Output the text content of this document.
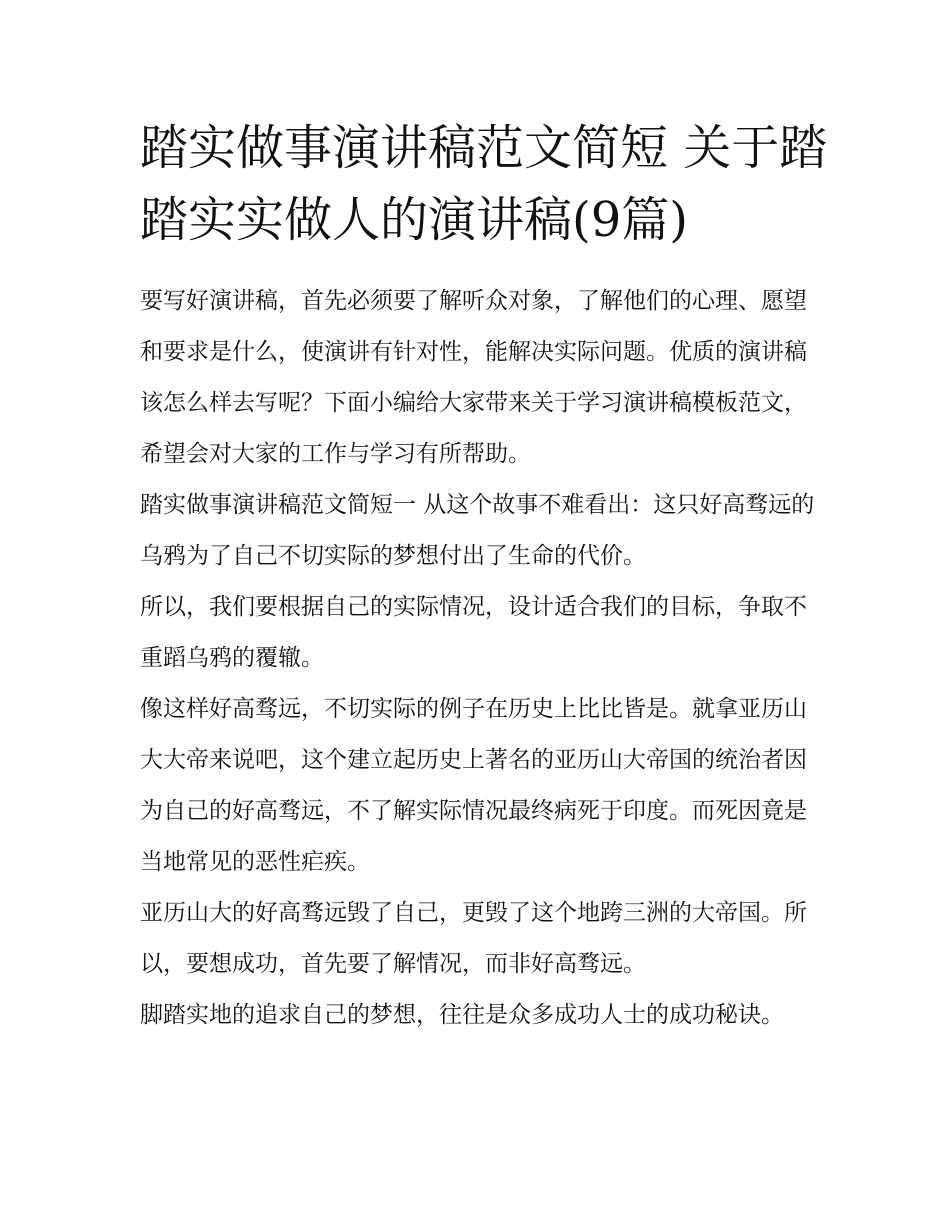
踏实做事演讲稿范文简短 关于踏踏实实做人的演讲稿(9篇)

要写好演讲稿，首先必须要了解听众对象，了解他们的心理、愿望和要求是什么，使演讲有针对性，能解决实际问题。优质的演讲稿该怎么样去写呢？下面小编给大家带来关于学习演讲稿模板范文，希望会对大家的工作与学习有所帮助。

踏实做事演讲稿范文简短一 从这个故事不难看出：这只好高骛远的乌鸦为了自己不切实际的梦想付出了生命的代价。

所以，我们要根据自己的实际情况，设计适合我们的目标，争取不重蹈乌鸦的覆辙。

像这样好高骛远，不切实际的例子在历史上比比皆是。就拿亚历山大大帝来说吧，这个建立起历史上著名的亚历山大帝国的统治者因为自己的好高骛远，不了解实际情况最终病死于印度。而死因竟是当地常见的恶性疟疾。

亚历山大的好高骛远毁了自己，更毁了这个地跨三洲的大帝国。所以，要想成功，首先要了解情况，而非好高骛远。

脚踏实地的追求自己的梦想，往往是众多成功人士的成功秘诀。
